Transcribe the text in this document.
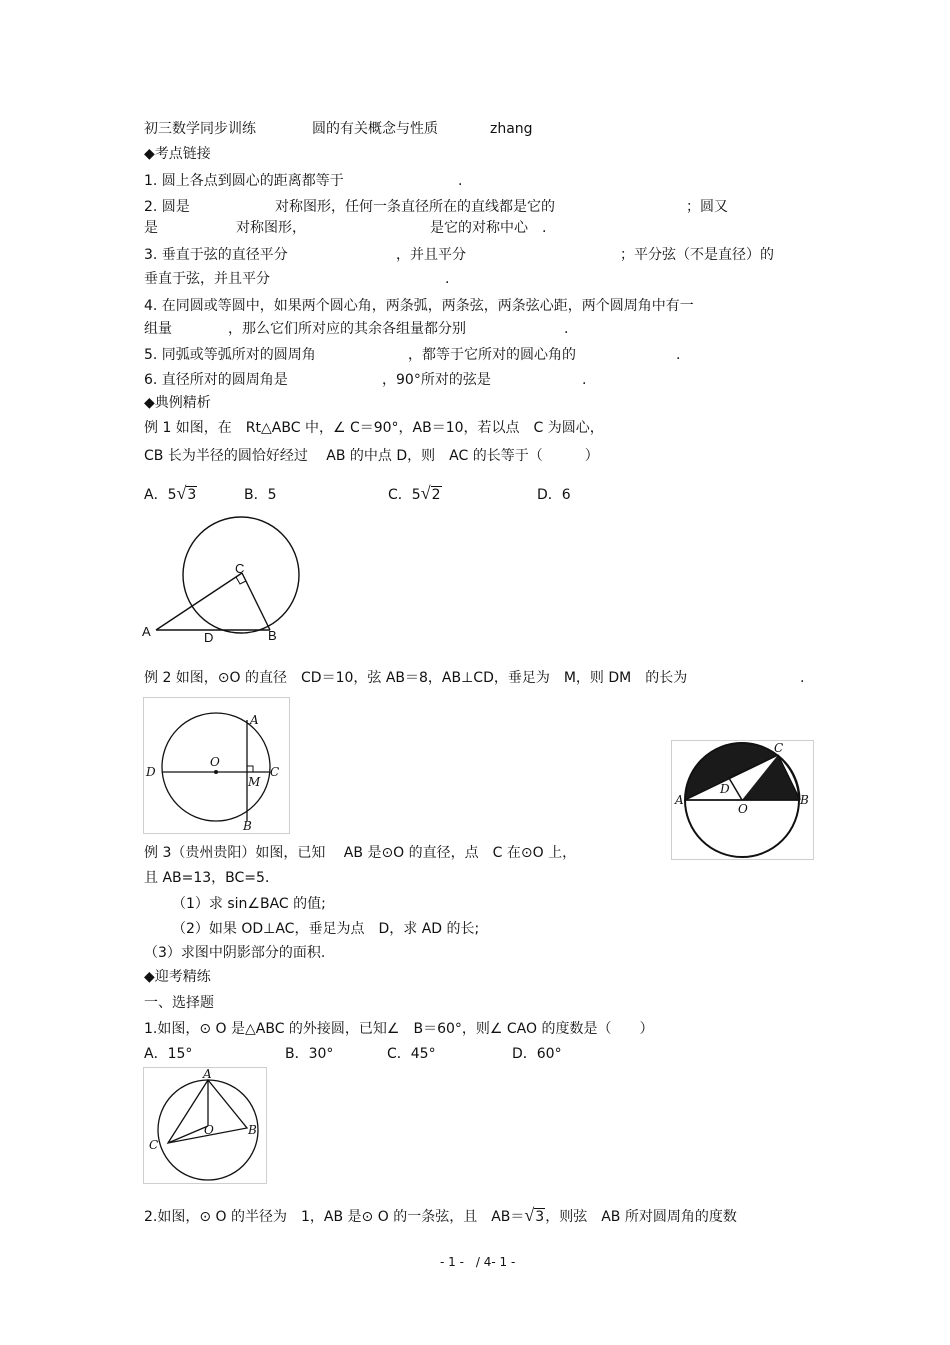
初三数学同步训练	圆的有关概念与性质	zhang
◆考点链接
1. 圆上各点到圆心的距离都等于	.
2. 圆是	对称图形，任何一条直径所在的直线都是它的	；圆又
是	对称图形，	是它的对称中心　.
3. 垂直于弦的直径平分	，并且平分	；平分弦（不是直径）的
垂直于弦，并且平分	.
4. 在同圆或等圆中，如果两个圆心角，两条弧，两条弦，两条弦心距，两个圆周角中有一
组量	，那么它们所对应的其余各组量都分别	.
5. 同弧或等弧所对的圆周角	，都等于它所对的圆心角的	.
6. 直径所对的圆周角是	，90°所对的弦是	.
◆典例精析
例 1 如图，在　Rt△ABC 中，∠ C＝90°，AB＝10，若以点　C 为圆心，
CB 长为半径的圆恰好经过　 AB 的中点 D，则　AC 的长等于（　　　）
A．5√3	B．5	C．5√2	D．6
A	B
C
D
例 2 如图，⊙O 的直径　CD＝10，弦 AB＝8，AB⊥CD，垂足为　M，则 DM　的长为	.
A
B
C
D
M
O
A	B
C
D
O
例 3（贵州贵阳）如图，已知　 AB 是⊙O 的直径，点　C 在⊙O 上，
且 AB=13，BC=5．
（1）求 sin∠BAC 的值;
（2）如果 OD⊥AC，垂足为点　D，求 AD 的长;
（3）求图中阴影部分的面积.
◆迎考精练
一、选择题
1.如图，⊙ O 是△ABC 的外接圆，已知∠　B＝60°，则∠ CAO 的度数是（　　）
A．15°	B．30°	C．45°	D．60°
A
B
C
O
2.如图，⊙ O 的半径为　1，AB 是⊙ O 的一条弦，且　AB＝√3，则弦　AB 所对圆周角的度数
- 1 -　/ 4- 1 -
